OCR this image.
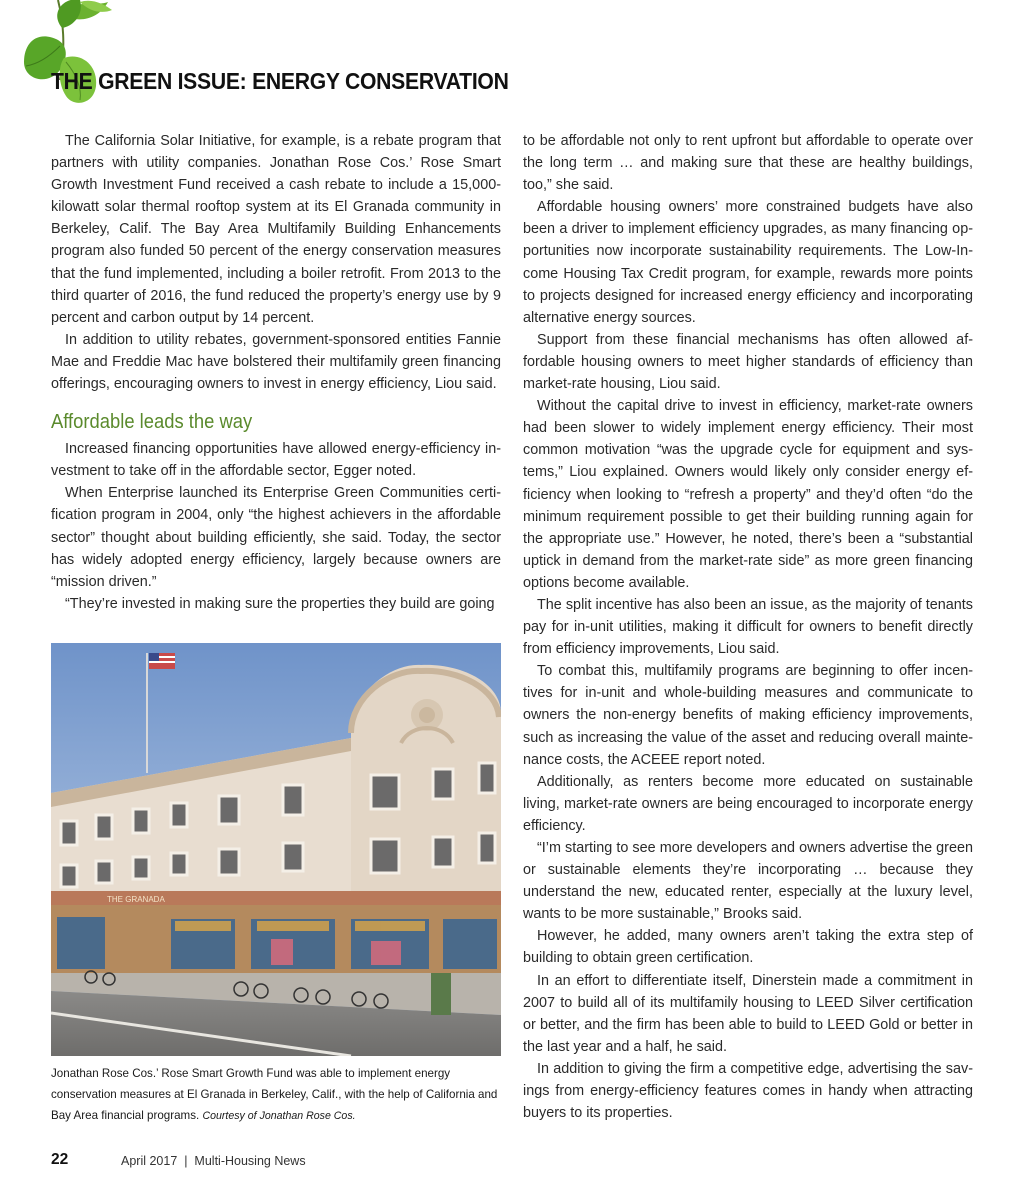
THE GREEN ISSUE: ENERGY CONSERVATION

The California Solar Initiative, for example, is a rebate program that partners with utility companies. Jonathan Rose Cos.’ Rose Smart Growth Investment Fund received a cash rebate to include a 15,000-kilowatt solar thermal rooftop system at its El Granada community in Berkeley, Calif. The Bay Area Multifamily Building Enhancements program also funded 50 percent of the energy conservation measures that the fund implemented, including a boiler retrofit. From 2013 to the third quarter of 2016, the fund reduced the property’s energy use by 9 percent and carbon output by 14 percent.

In addition to utility rebates, government-sponsored entities Fannie Mae and Freddie Mac have bolstered their multifamily green financing offerings, encouraging owners to invest in energy efficiency, Liou said.

Affordable leads the way

Increased financing opportunities have allowed energy-efficiency investment to take off in the affordable sector, Egger noted.

When Enterprise launched its Enterprise Green Communities certification program in 2004, only “the highest achievers in the affordable sector” thought about building efficiently, she said. Today, the sector has widely adopted energy efficiency, largely because owners are “mission driven.”

“They’re invested in making sure the properties they build are going

THE GRANADA
Jonathan Rose Cos.’ Rose Smart Growth Fund was able to implement energy conservation measures at El Granada in Berkeley, Calif., with the help of California and Bay Area financial programs. Courtesy of Jonathan Rose Cos.

to be affordable not only to rent upfront but affordable to operate over the long term … and making sure that these are healthy buildings, too,” she said.

Affordable housing owners’ more constrained budgets have also been a driver to implement efficiency upgrades, as many financing opportunities now incorporate sustainability requirements. The Low-Income Housing Tax Credit program, for example, rewards more points to projects designed for increased energy efficiency and incorporating alternative energy sources.

Support from these financial mechanisms has often allowed affordable housing owners to meet higher standards of efficiency than market-rate housing, Liou said.

Without the capital drive to invest in efficiency, market-rate owners had been slower to widely implement energy efficiency. Their most common motivation “was the upgrade cycle for equipment and systems,” Liou explained. Owners would likely only consider energy efficiency when looking to “refresh a property” and they’d often “do the minimum requirement possible to get their building running again for the appropriate use.” However, he noted, there’s been a “substantial uptick in demand from the market-rate side” as more green financing options become available.

The split incentive has also been an issue, as the majority of tenants pay for in-unit utilities, making it difficult for owners to benefit directly from efficiency improvements, Liou said.

To combat this, multifamily programs are beginning to offer incentives for in-unit and whole-building measures and communicate to owners the non-energy benefits of making efficiency improvements, such as increasing the value of the asset and reducing overall maintenance costs, the ACEEE report noted.

Additionally, as renters become more educated on sustainable living, market-rate owners are being encouraged to incorporate energy efficiency.

“I’m starting to see more developers and owners advertise the green or sustainable elements they’re incorporating … because they understand the new, educated renter, especially at the luxury level, wants to be more sustainable,” Brooks said.

However, he added, many owners aren’t taking the extra step of building to obtain green certification.

In an effort to differentiate itself, Dinerstein made a commitment in 2007 to build all of its multifamily housing to LEED Silver certification or better, and the firm has been able to build to LEED Gold or better in the last year and a half, he said.

In addition to giving the firm a competitive edge, advertising the savings from energy-efficiency features comes in handy when attracting buyers to its properties.

22	April 2017  |  Multi-Housing News
